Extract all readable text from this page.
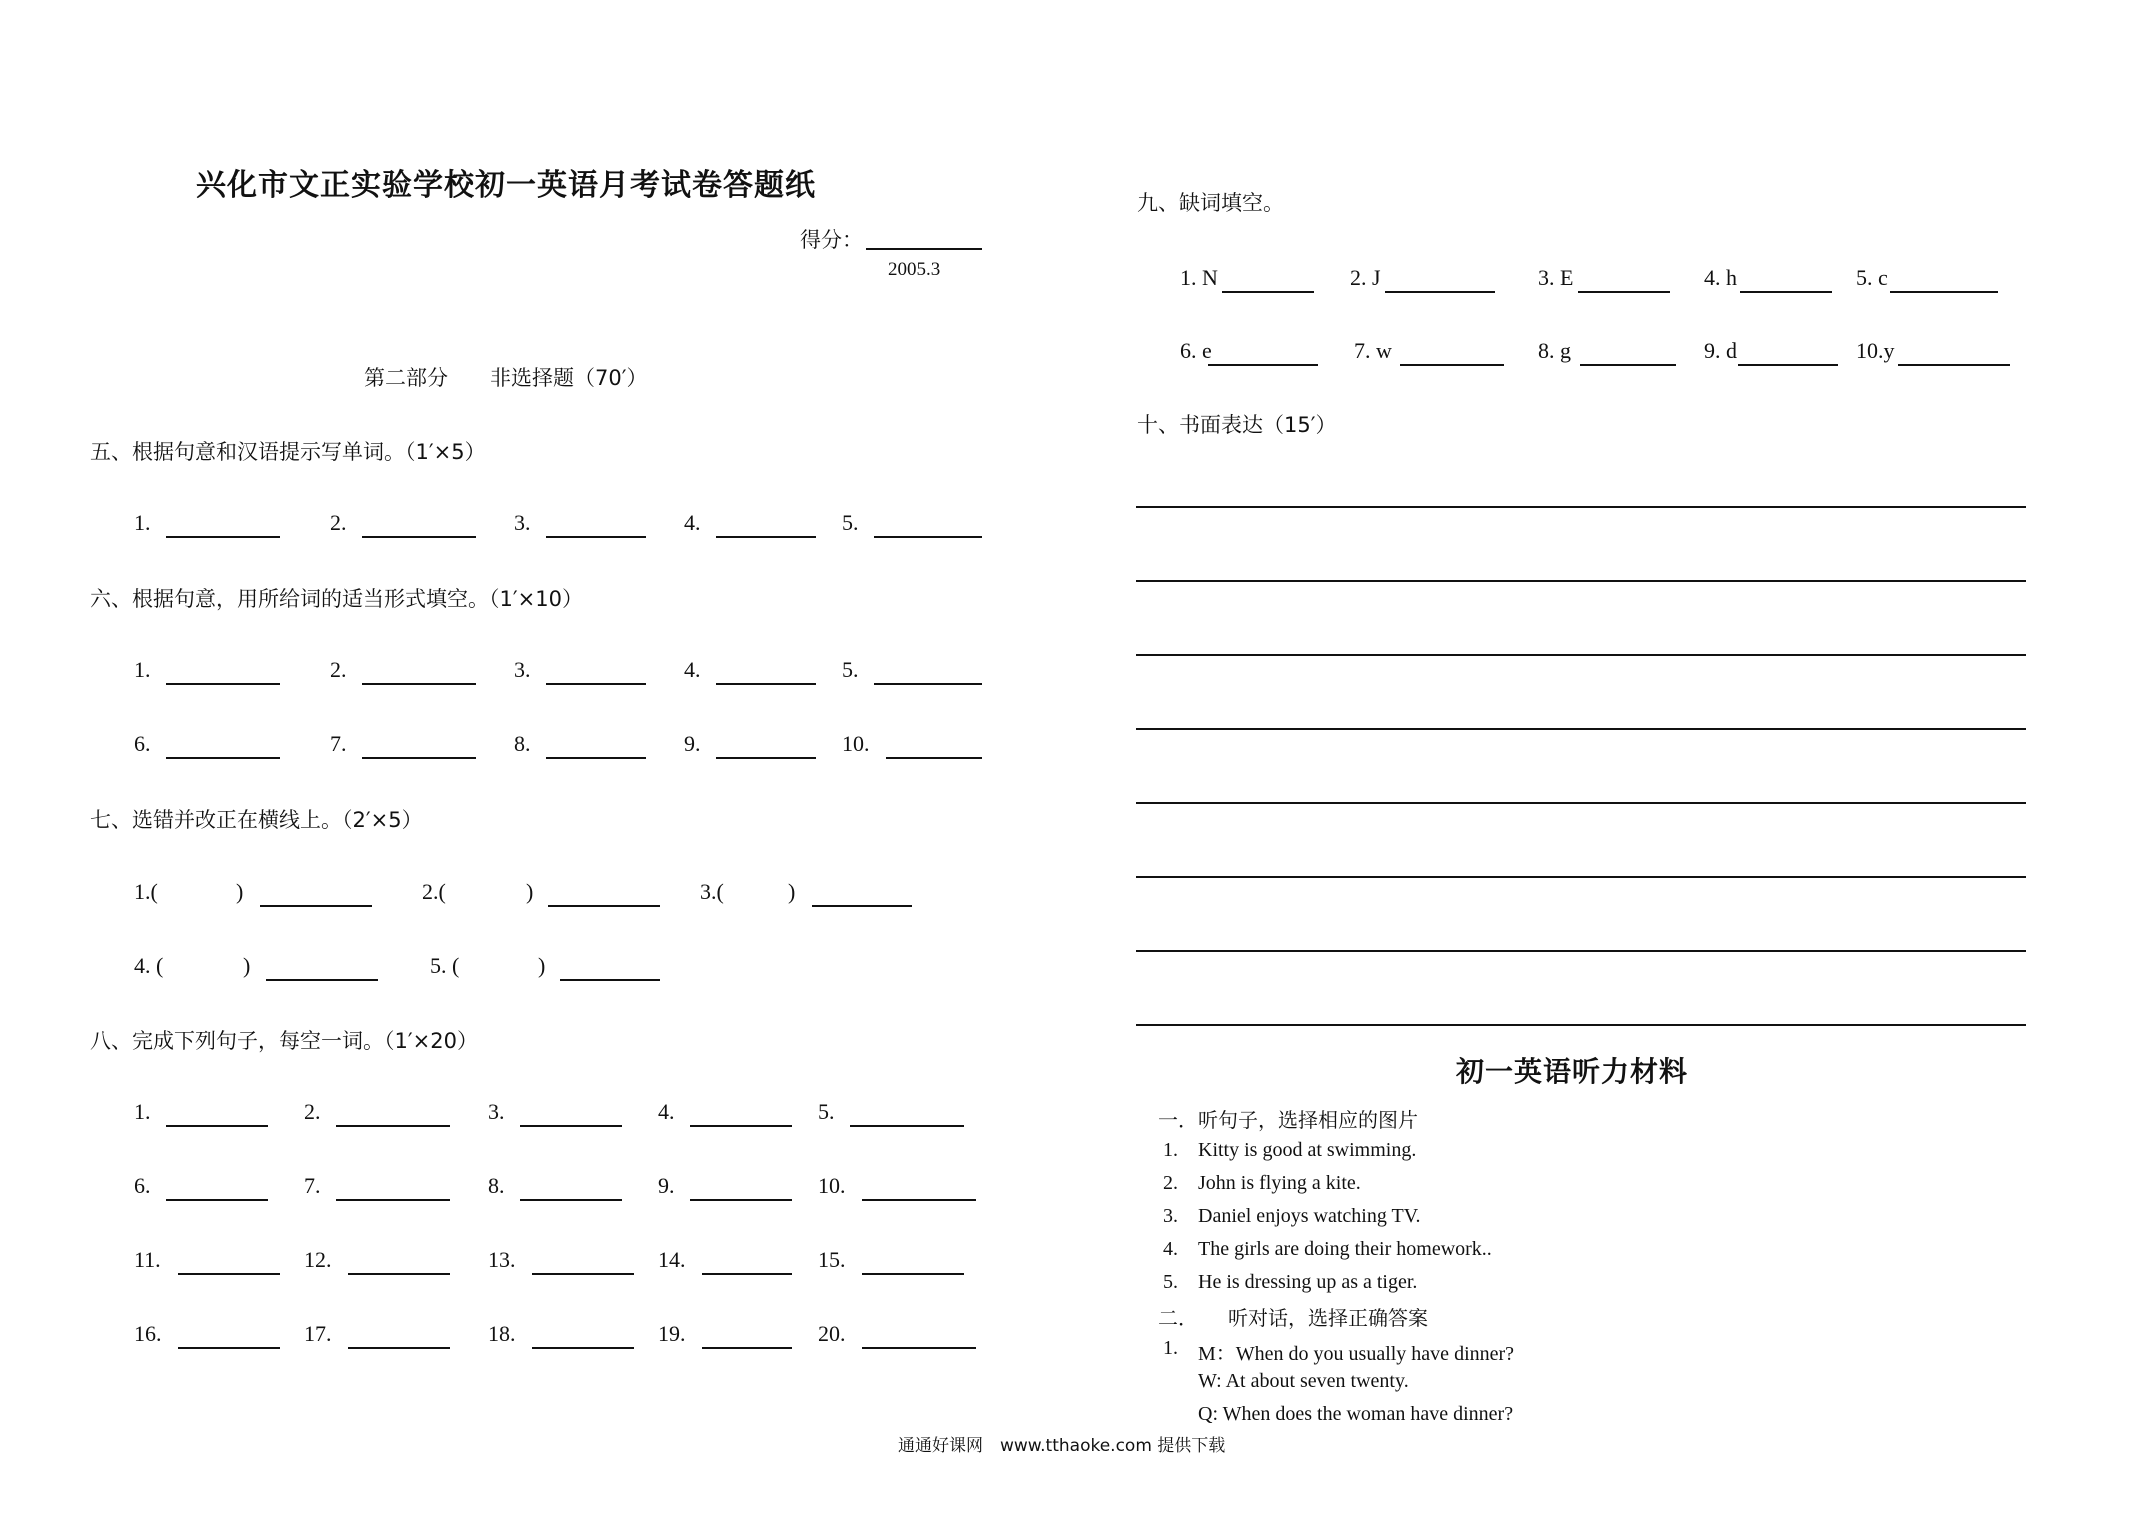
兴化市文正实验学校初一英语月考试卷答题纸
得分：
2005.3
第二部分　　非选择题（70′）
五、根据句意和汉语提示写单词。（1′×5）
六、根据句意，用所给词的适当形式填空。（1′×10）
七、选错并改正在横线上。（2′×5）
八、完成下列句子，每空一词。（1′×20）
九、缺词填空。
十、书面表达（15′）
初一英语听力材料
一．听句子，选择相应的图片
二．　　听对话，选择正确答案
1. M：When do you usually have dinner?
W: At about seven twenty.
Q: When does the woman have dinner?
通通好课网　www.tthaoke.com 提供下载
1.	2.	3.	4.	5.
1.	2.	3.	4.	5.
6.	7.	8.	9.	10.
1.(	)	2.(	)	3.(	)
4. (	)	5. (	)
1.	2.	3.	4.	5.
6.	7.	8.	9.	10.
11.	12.	13.	14.	15.
16.	17.	18.	19.	20.
1. N	2. J	3. E	4. h	5. c
6. e	7. w	8. g	9. d	10.y
1. Kitty is good at swimming.
2. John is flying a kite.
3. Daniel enjoys watching TV.
4. The girls are doing their homework..
5. He is dressing up as a tiger.
